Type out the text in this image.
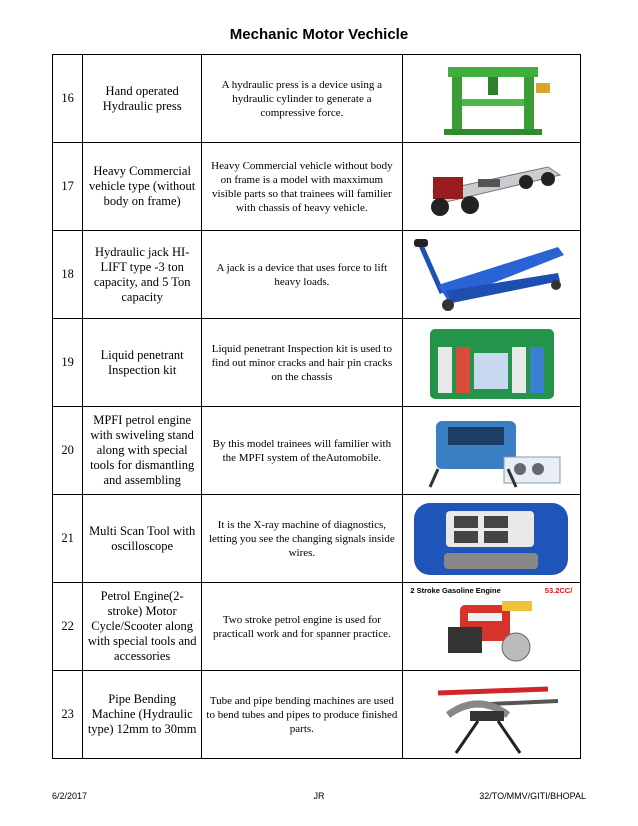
Mechanic Motor Vechicle
16	Hand operated Hydraulic press	A hydraulic press is a device using a hydraulic cylinder to generate a compressive force.	

17	Heavy Commercial vehicle type (without body on frame)	Heavy Commercial vehicle without body on frame is a model with maxximum visible parts so that trainees will familier with chassis of heavy vehicle.	

18	Hydraulic jack HI-LIFT type -3 ton capacity, and 5 Ton capacity	A jack is a device that uses force to lift heavy loads.	

19	Liquid penetrant Inspection kit	Liquid penetrant Inspection kit is used to find out minor cracks and hair pin cracks on the chassis	

20	MPFI petrol engine with swiveling stand along with special tools for dismantling and assembling	By this model trainees will familier with the MPFI system of theAutomobile.	

21	Multi Scan Tool with oscilloscope	It is the X-ray machine of diagnostics, letting you see the changing signals inside wires.	

22	Petrol Engine(2-stroke) Motor Cycle/Scooter along with special tools and accessories	Two stroke petrol engine is used for practicall work and for spanner practice.	2 Stroke Gasoline Engine 53.2CC/

23	Pipe Bending Machine (Hydraulic type) 12mm to 30mm	Tube and pipe bending machines are used to bend tubes and pipes to produce finished parts.	
6/2/2017	JR	32/TO/MMV/GITI/BHOPAL
